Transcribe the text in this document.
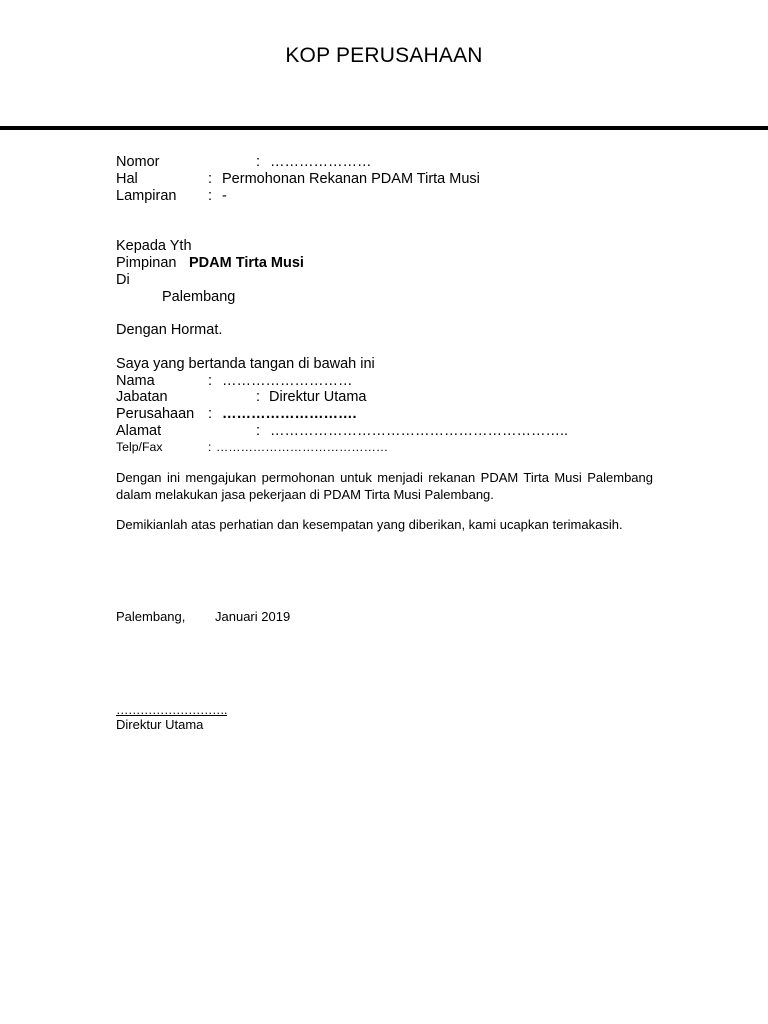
KOP PERUSAHAAN
Nomor	: …………………
Hal	: Permohonan Rekanan PDAM Tirta Musi
Lampiran : -
Kepada Yth
Pimpinan PDAM Tirta Musi
Di
Palembang
Dengan Hormat.
Saya yang bertanda tangan di bawah ini
Nama	: ………………………
Jabatan	: Direktur Utama
Perusahaan : ……………………….
Alamat	: ……………………………………………………..
Telp/Fax	: ……………………………………
Dengan ini mengajukan permohonan untuk menjadi rekanan PDAM Tirta Musi Palembang dalam melakukan jasa pekerjaan di PDAM Tirta Musi Palembang.
Demikianlah atas perhatian dan kesempatan yang diberikan, kami ucapkan terimakasih.
Palembang, Januari 2019
……………………….
Direktur Utama
